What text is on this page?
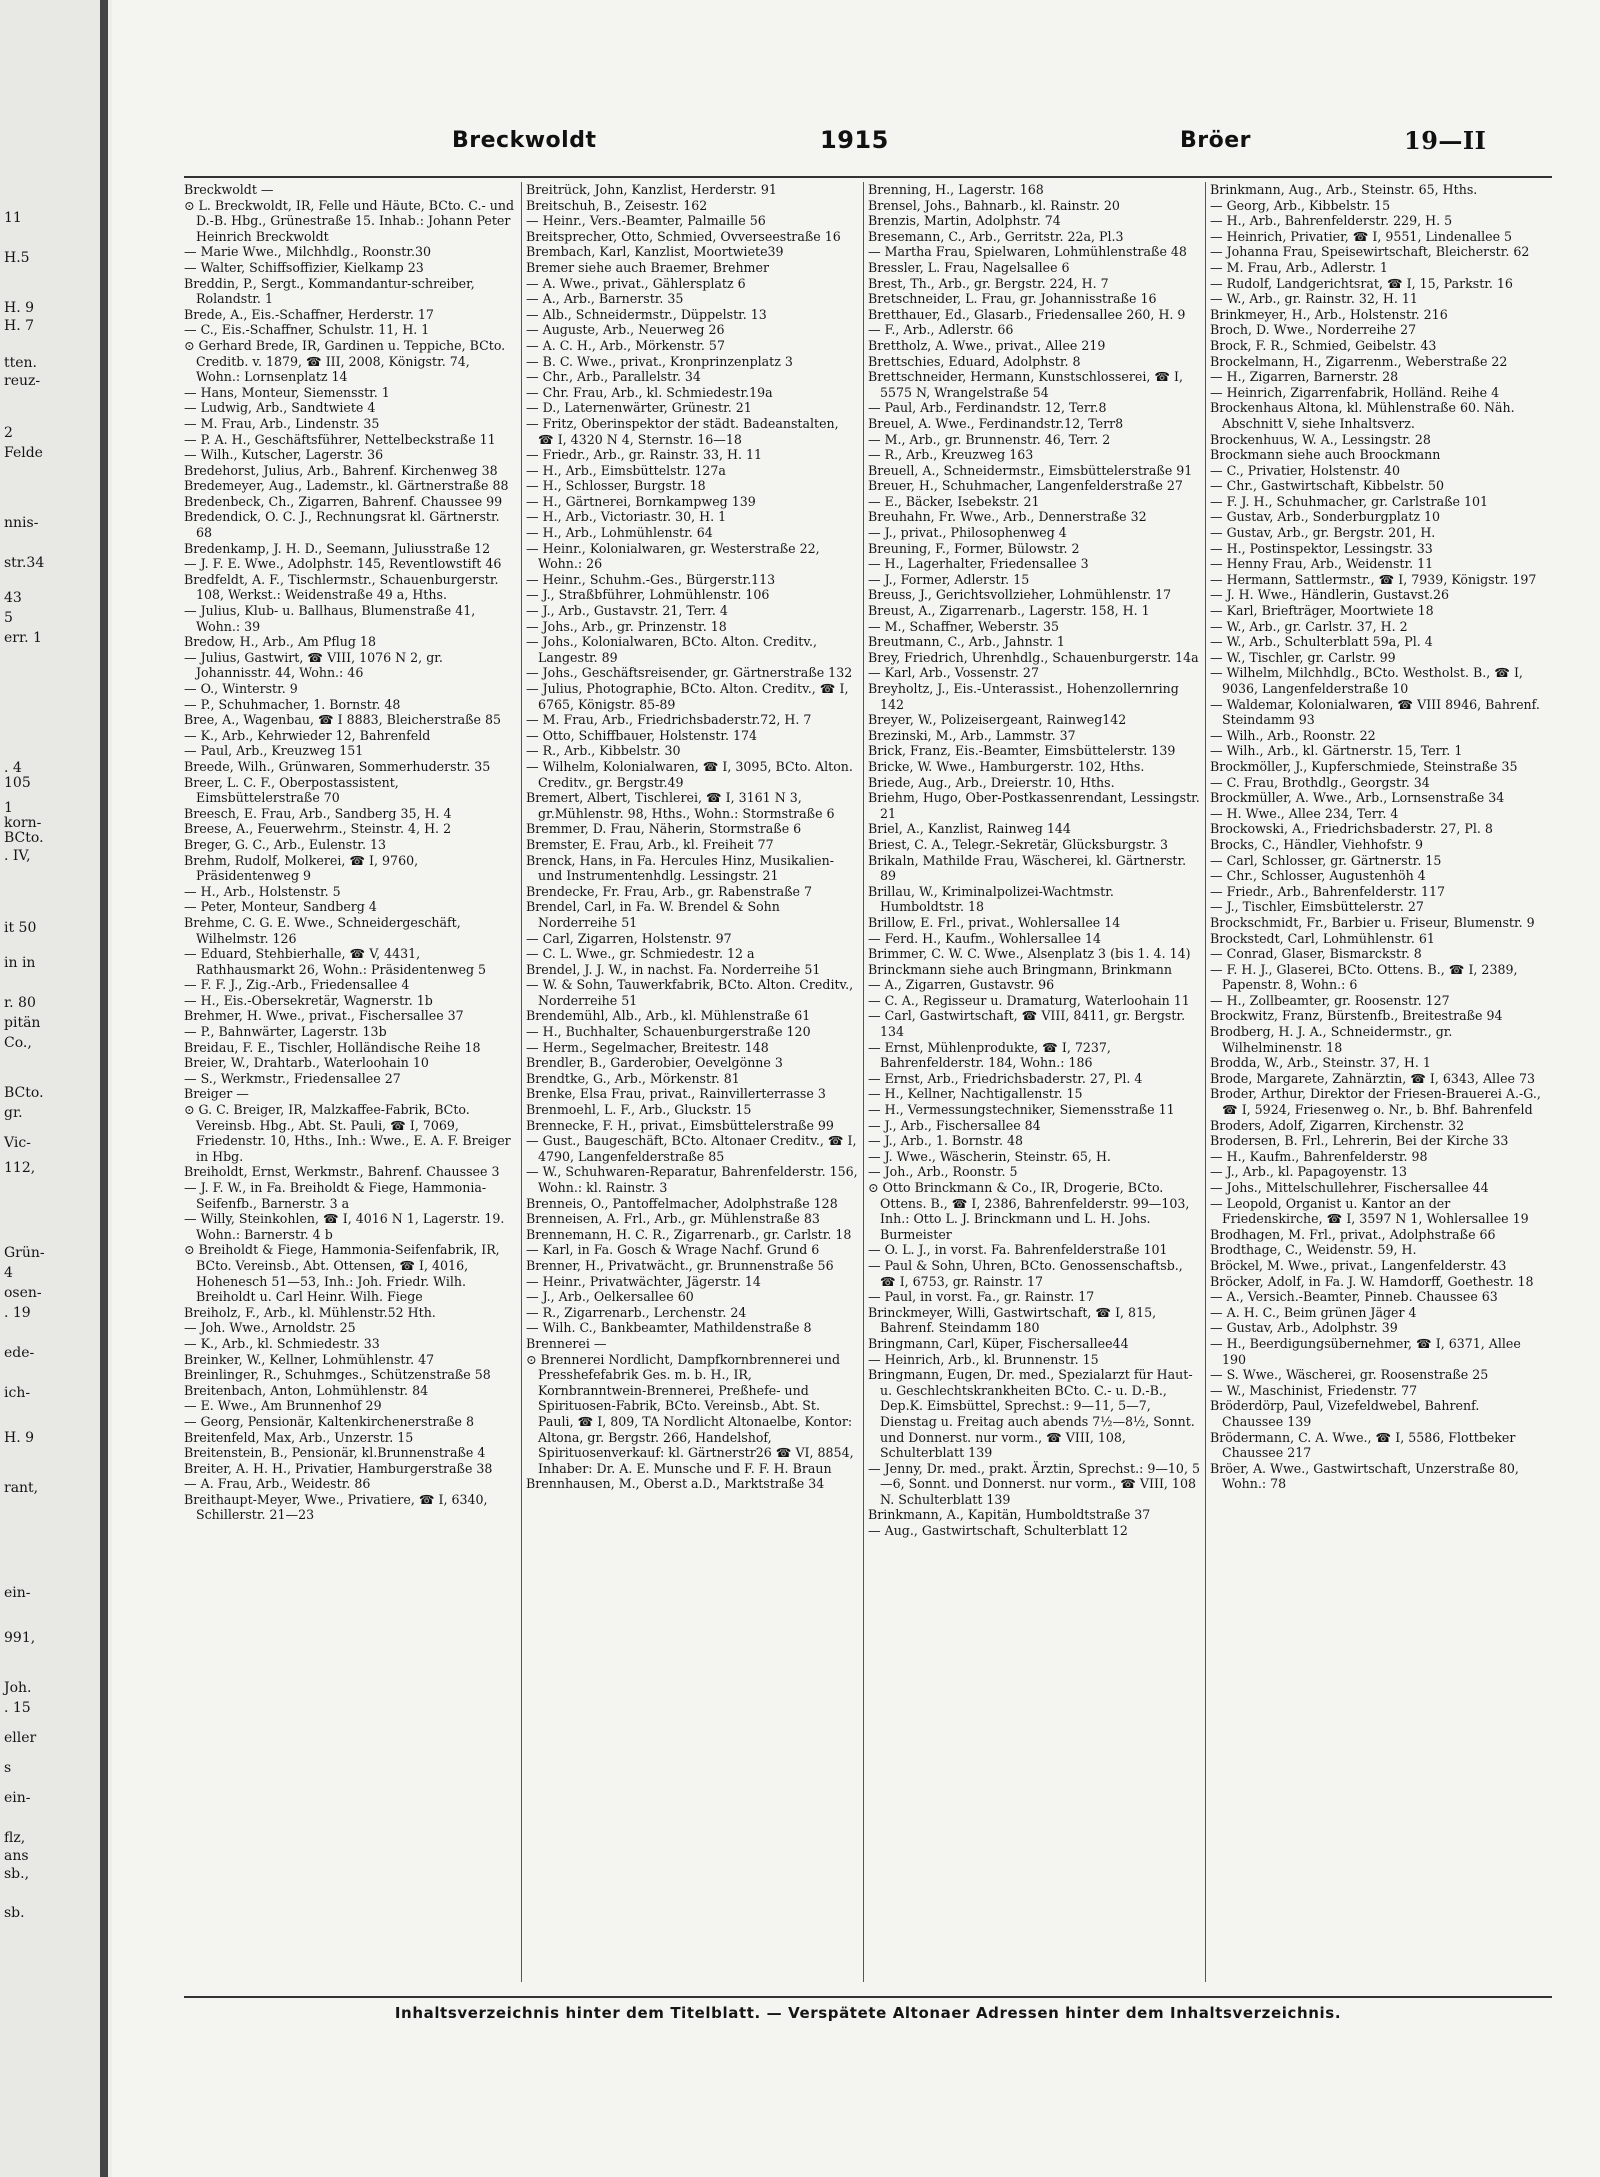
11
H.5
H. 9
H. 7
tten.
reuz-
2
Felde
nnis-
str.34
43
5
err. 1
. 4
105
1
korn-
BCto.
. IV,
it 50
in in
r. 80
pitän
Co.,
BCto.
gr.
Vic-
112,
Grün-
4
osen-
. 19
ede-
ich-
H. 9
rant,
ein-
991,
Joh.
. 15
eller
s
ein-
flz,
ans
sb.,
sb.
Breckwoldt	1915	Bröer	19—II

Breckwoldt —

⊙ L. Breckwoldt, IR, Felle und Häute, BCto. C.- und D.-B. Hbg., Grünestraße 15. Inhab.: Johann Peter Heinrich Breckwoldt

— Marie Wwe., Milchhdlg., Roonstr.30

— Walter, Schiffsoffizier, Kielkamp 23

Breddin, P., Sergt., Kommandantur-schreiber, Rolandstr. 1

Brede, A., Eis.-Schaffner, Herderstr. 17

— C., Eis.-Schaffner, Schulstr. 11, H. 1

⊙ Gerhard Brede, IR, Gardinen u. Teppiche, BCto. Creditb. v. 1879, ☎ III, 2008, Königstr. 74, Wohn.: Lornsenplatz 14

— Hans, Monteur, Siemensstr. 1

— Ludwig, Arb., Sandtwiete 4

— M. Frau, Arb., Lindenstr. 35

— P. A. H., Geschäftsführer, Nettelbeckstraße 11

— Wilh., Kutscher, Lagerstr. 36

Bredehorst, Julius, Arb., Bahrenf. Kirchenweg 38

Bredemeyer, Aug., Lademstr., kl. Gärtnerstraße 88

Bredenbeck, Ch., Zigarren, Bahrenf. Chaussee 99

Bredendick, O. C. J., Rechnungsrat kl. Gärtnerstr. 68

Bredenkamp, J. H. D., Seemann, Juliusstraße 12

— J. F. E. Wwe., Adolphstr. 145, Reventlowstift 46

Bredfeldt, A. F., Tischlermstr., Schauenburgerstr. 108, Werkst.: Weidenstraße 49 a, Hths.

— Julius, Klub- u. Ballhaus, Blumenstraße 41, Wohn.: 39

Bredow, H., Arb., Am Pflug 18

— Julius, Gastwirt, ☎ VIII, 1076 N 2, gr. Johannisstr. 44, Wohn.: 46

— O., Winterstr. 9

— P., Schuhmacher, 1. Bornstr. 48

Bree, A., Wagenbau, ☎ I 8883, Bleicherstraße 85

— K., Arb., Kehrwieder 12, Bahrenfeld

— Paul, Arb., Kreuzweg 151

Breede, Wilh., Grünwaren, Sommerhuderstr. 35

Breer, L. C. F., Oberpostassistent, Eimsbüttelerstraße 70

Breesch, E. Frau, Arb., Sandberg 35, H. 4

Breese, A., Feuerwehrm., Steinstr. 4, H. 2

Breger, G. C., Arb., Eulenstr. 13

Brehm, Rudolf, Molkerei, ☎ I, 9760, Präsidentenweg 9

— H., Arb., Holstenstr. 5

— Peter, Monteur, Sandberg 4

Brehme, C. G. E. Wwe., Schneidergeschäft, Wilhelmstr. 126

— Eduard, Stehbierhalle, ☎ V, 4431, Rathhausmarkt 26, Wohn.: Präsidentenweg 5

— F. F. J., Zig.-Arb., Friedensallee 4

— H., Eis.-Obersekretär, Wagnerstr. 1b

Brehmer, H. Wwe., privat., Fischersallee 37

— P., Bahnwärter, Lagerstr. 13b

Breidau, F. E., Tischler, Holländische Reihe 18

Breier, W., Drahtarb., Waterloohain 10

— S., Werkmstr., Friedensallee 27

Breiger —

⊙ G. C. Breiger, IR, Malzkaffee-Fabrik, BCto. Vereinsb. Hbg., Abt. St. Pauli, ☎ I, 7069, Friedenstr. 10, Hths., Inh.: Wwe., E. A. F. Breiger in Hbg.

Breiholdt, Ernst, Werkmstr., Bahrenf. Chaussee 3

— J. F. W., in Fa. Breiholdt & Fiege, Hammonia-Seifenfb., Barnerstr. 3 a

— Willy, Steinkohlen, ☎ I, 4016 N 1, Lagerstr. 19. Wohn.: Barnerstr. 4 b

⊙ Breiholdt & Fiege, Hammonia-Seifenfabrik, IR, BCto. Vereinsb., Abt. Ottensen, ☎ I, 4016, Hohenesch 51—53, Inh.: Joh. Friedr. Wilh. Breiholdt u. Carl Heinr. Wilh. Fiege

Breiholz, F., Arb., kl. Mühlenstr.52 Hth.

— Joh. Wwe., Arnoldstr. 25

— K., Arb., kl. Schmiedestr. 33

Breinker, W., Kellner, Lohmühlenstr. 47

Breinlinger, R., Schuhmges., Schützenstraße 58

Breitenbach, Anton, Lohmühlenstr. 84

— E. Wwe., Am Brunnenhof 29

— Georg, Pensionär, Kaltenkirchenerstraße 8

Breitenfeld, Max, Arb., Unzerstr. 15

Breitenstein, B., Pensionär, kl.Brunnenstraße 4

Breiter, A. H. H., Privatier, Hamburgerstraße 38

— A. Frau, Arb., Weidestr. 86

Breithaupt-Meyer, Wwe., Privatiere, ☎ I, 6340, Schillerstr. 21—23

Breitrück, John, Kanzlist, Herderstr. 91

Breitschuh, B., Zeisestr. 162

— Heinr., Vers.-Beamter, Palmaille 56

Breitsprecher, Otto, Schmied, Ovverseestraße 16

Brembach, Karl, Kanzlist, Moortwiete39

Bremer siehe auch Braemer, Brehmer

— A. Wwe., privat., Gählersplatz 6

— A., Arb., Barnerstr. 35

— Alb., Schneidermstr., Düppelstr. 13

— Auguste, Arb., Neuerweg 26

— A. C. H., Arb., Mörkenstr. 57

— B. C. Wwe., privat., Kronprinzenplatz 3

— Chr., Arb., Parallelstr. 34

— Chr. Frau, Arb., kl. Schmiedestr.19a

— D., Laternenwärter, Grünestr. 21

— Fritz, Oberinspektor der städt. Badeanstalten, ☎ I, 4320 N 4, Sternstr. 16—18

— Friedr., Arb., gr. Rainstr. 33, H. 11

— H., Arb., Eimsbüttelstr. 127a

— H., Schlosser, Burgstr. 18

— H., Gärtnerei, Bornkampweg 139

— H., Arb., Victoriastr. 30, H. 1

— H., Arb., Lohmühlenstr. 64

— Heinr., Kolonialwaren, gr. Westerstraße 22, Wohn.: 26

— Heinr., Schuhm.-Ges., Bürgerstr.113

— J., Straßbführer, Lohmühlenstr. 106

— J., Arb., Gustavstr. 21, Terr. 4

— Johs., Arb., gr. Prinzenstr. 18

— Johs., Kolonialwaren, BCto. Alton. Creditv., Langestr. 89

— Johs., Geschäftsreisender, gr. Gärtnerstraße 132

— Julius, Photographie, BCto. Alton. Creditv., ☎ I, 6765, Königstr. 85-89

— M. Frau, Arb., Friedrichsbaderstr.72, H. 7

— Otto, Schiffbauer, Holstenstr. 174

— R., Arb., Kibbelstr. 30

— Wilhelm, Kolonialwaren, ☎ I, 3095, BCto. Alton. Creditv., gr. Bergstr.49

Bremert, Albert, Tischlerei, ☎ I, 3161 N 3, gr.Mühlenstr. 98, Hths., Wohn.: Stormstraße 6

Bremmer, D. Frau, Näherin, Stormstraße 6

Bremster, E. Frau, Arb., kl. Freiheit 77

Brenck, Hans, in Fa. Hercules Hinz, Musikalien- und Instrumentenhdlg. Lessingstr. 21

Brendecke, Fr. Frau, Arb., gr. Rabenstraße 7

Brendel, Carl, in Fa. W. Brendel & Sohn Norderreihe 51

— Carl, Zigarren, Holstenstr. 97

— C. L. Wwe., gr. Schmiedestr. 12 a

Brendel, J. J. W., in nachst. Fa. Norderreihe 51

— W. & Sohn, Tauwerkfabrik, BCto. Alton. Creditv., Norderreihe 51

Brendemühl, Alb., Arb., kl. Mühlenstraße 61

— H., Buchhalter, Schauenburgerstraße 120

— Herm., Segelmacher, Breitestr. 148

Brendler, B., Garderobier, Oevelgönne 3

Brendtke, G., Arb., Mörkenstr. 81

Brenke, Elsa Frau, privat., Rainvillerterrasse 3

Brenmoehl, L. F., Arb., Gluckstr. 15

Brennecke, F. H., privat., Eimsbüttelerstraße 99

— Gust., Baugeschäft, BCto. Altonaer Creditv., ☎ I, 4790, Langenfelderstraße 85

— W., Schuhwaren-Reparatur, Bahrenfelderstr. 156, Wohn.: kl. Rainstr. 3

Brenneis, O., Pantoffelmacher, Adolphstraße 128

Brenneisen, A. Frl., Arb., gr. Mühlenstraße 83

Brennemann, H. C. R., Zigarrenarb., gr. Carlstr. 18

— Karl, in Fa. Gosch & Wrage Nachf. Grund 6

Brenner, H., Privatwächt., gr. Brunnenstraße 56

— Heinr., Privatwächter, Jägerstr. 14

— J., Arb., Oelkersallee 60

— R., Zigarrenarb., Lerchenstr. 24

— Wilh. C., Bankbeamter, Mathildenstraße 8

Brennerei —

⊙ Brennerei Nordlicht, Dampfkornbrennerei und Presshefefabrik Ges. m. b. H., IR, Kornbranntwein-Brennerei, Preßhefe- und Spirituosen-Fabrik, BCto. Vereinsb., Abt. St. Pauli, ☎ I, 809, TA Nordlicht Altonaelbe, Kontor: Altona, gr. Bergstr. 266, Handelshof, Spirituosenverkauf: kl. Gärtnerstr26 ☎ VI, 8854, Inhaber: Dr. A. E. Munsche und F. F. H. Braun

Brennhausen, M., Oberst a.D., Marktstraße 34

Brenning, H., Lagerstr. 168

Brensel, Johs., Bahnarb., kl. Rainstr. 20

Brenzis, Martin, Adolphstr. 74

Bresemann, C., Arb., Gerritstr. 22a, Pl.3

— Martha Frau, Spielwaren, Lohmühlenstraße 48

Bressler, L. Frau, Nagelsallee 6

Brest, Th., Arb., gr. Bergstr. 224, H. 7

Bretschneider, L. Frau, gr. Johannisstraße 16

Bretthauer, Ed., Glasarb., Friedensallee 260, H. 9

— F., Arb., Adlerstr. 66

Brettholz, A. Wwe., privat., Allee 219

Brettschies, Eduard, Adolphstr. 8

Brettschneider, Hermann, Kunstschlosserei, ☎ I, 5575 N, Wrangelstraße 54

— Paul, Arb., Ferdinandstr. 12, Terr.8

Breuel, A. Wwe., Ferdinandstr.12, Terr8

— M., Arb., gr. Brunnenstr. 46, Terr. 2

— R., Arb., Kreuzweg 163

Breuell, A., Schneidermstr., Eimsbüttelerstraße 91

Breuer, H., Schuhmacher, Langenfelderstraße 27

— E., Bäcker, Isebekstr. 21

Breuhahn, Fr. Wwe., Arb., Dennerstraße 32

— J., privat., Philosophenweg 4

Breuning, F., Former, Bülowstr. 2

— H., Lagerhalter, Friedensallee 3

— J., Former, Adlerstr. 15

Breuss, J., Gerichtsvollzieher, Lohmühlenstr. 17

Breust, A., Zigarrenarb., Lagerstr. 158, H. 1

— M., Schaffner, Weberstr. 35

Breutmann, C., Arb., Jahnstr. 1

Brey, Friedrich, Uhrenhdlg., Schauenburgerstr. 14a

— Karl, Arb., Vossenstr. 27

Breyholtz, J., Eis.-Unterassist., Hohenzollernring 142

Breyer, W., Polizeisergeant, Rainweg142

Brezinski, M., Arb., Lammstr. 37

Brick, Franz, Eis.-Beamter, Eimsbüttelerstr. 139

Bricke, W. Wwe., Hamburgerstr. 102, Hths.

Briede, Aug., Arb., Dreierstr. 10, Hths.

Briehm, Hugo, Ober-Postkassenrendant, Lessingstr. 21

Briel, A., Kanzlist, Rainweg 144

Briest, C. A., Telegr.-Sekretär, Glücksburgstr. 3

Brikaln, Mathilde Frau, Wäscherei, kl. Gärtnerstr. 89

Brillau, W., Kriminalpolizei-Wachtmstr. Humboldtstr. 18

Brillow, E. Frl., privat., Wohlersallee 14

— Ferd. H., Kaufm., Wohlersallee 14

Brimmer, C. W. C. Wwe., Alsenplatz 3 (bis 1. 4. 14)

Brinckmann siehe auch Bringmann, Brinkmann

— A., Zigarren, Gustavstr. 96

— C. A., Regisseur u. Dramaturg, Waterloohain 11

— Carl, Gastwirtschaft, ☎ VIII, 8411, gr. Bergstr. 134

— Ernst, Mühlenprodukte, ☎ I, 7237, Bahrenfelderstr. 184, Wohn.: 186

— Ernst, Arb., Friedrichsbaderstr. 27, Pl. 4

— H., Kellner, Nachtigallenstr. 15

— H., Vermessungstechniker, Siemensstraße 11

— J., Arb., Fischersallee 84

— J., Arb., 1. Bornstr. 48

— J. Wwe., Wäscherin, Steinstr. 65, H.

— Joh., Arb., Roonstr. 5

⊙ Otto Brinckmann & Co., IR, Drogerie, BCto. Ottens. B., ☎ I, 2386, Bahrenfelderstr. 99—103, Inh.: Otto L. J. Brinckmann und L. H. Johs. Burmeister

— O. L. J., in vorst. Fa. Bahrenfelderstraße 101

— Paul & Sohn, Uhren, BCto. Genossenschaftsb., ☎ I, 6753, gr. Rainstr. 17

— Paul, in vorst. Fa., gr. Rainstr. 17

Brinckmeyer, Willi, Gastwirtschaft, ☎ I, 815, Bahrenf. Steindamm 180

Bringmann, Carl, Küper, Fischersallee44

— Heinrich, Arb., kl. Brunnenstr. 15

Bringmann, Eugen, Dr. med., Spezialarzt für Haut- u. Geschlechtskrankheiten BCto. C.- u. D.-B., Dep.K. Eimsbüttel, Sprechst.: 9—11, 5—7, Dienstag u. Freitag auch abends 7½—8½, Sonnt. und Donnerst. nur vorm., ☎ VIII, 108, Schulterblatt 139

— Jenny, Dr. med., prakt. Ärztin, Sprechst.: 9—10, 5—6, Sonnt. und Donnerst. nur vorm., ☎ VIII, 108 N. Schulterblatt 139

Brinkmann, A., Kapitän, Humboldtstraße 37

— Aug., Gastwirtschaft, Schulterblatt 12

Brinkmann, Aug., Arb., Steinstr. 65, Hths.

— Georg, Arb., Kibbelstr. 15

— H., Arb., Bahrenfelderstr. 229, H. 5

— Heinrich, Privatier, ☎ I, 9551, Lindenallee 5

— Johanna Frau, Speisewirtschaft, Bleicherstr. 62

— M. Frau, Arb., Adlerstr. 1

— Rudolf, Landgerichtsrat, ☎ I, 15, Parkstr. 16

— W., Arb., gr. Rainstr. 32, H. 11

Brinkmeyer, H., Arb., Holstenstr. 216

Broch, D. Wwe., Norderreihe 27

Brock, F. R., Schmied, Geibelstr. 43

Brockelmann, H., Zigarrenm., Weberstraße 22

— H., Zigarren, Barnerstr. 28

— Heinrich, Zigarrenfabrik, Holländ. Reihe 4

Brockenhaus Altona, kl. Mühlenstraße 60. Näh. Abschnitt V, siehe Inhaltsverz.

Brockenhuus, W. A., Lessingstr. 28

Brockmann siehe auch Broockmann

— C., Privatier, Holstenstr. 40

— Chr., Gastwirtschaft, Kibbelstr. 50

— F. J. H., Schuhmacher, gr. Carlstraße 101

— Gustav, Arb., Sonderburgplatz 10

— Gustav, Arb., gr. Bergstr. 201, H.

— H., Postinspektor, Lessingstr. 33

— Henny Frau, Arb., Weidenstr. 11

— Hermann, Sattlermstr., ☎ I, 7939, Königstr. 197

— J. H. Wwe., Händlerin, Gustavst.26

— Karl, Briefträger, Moortwiete 18

— W., Arb., gr. Carlstr. 37, H. 2

— W., Arb., Schulterblatt 59a, Pl. 4

— W., Tischler, gr. Carlstr. 99

— Wilhelm, Milchhdlg., BCto. Westholst. B., ☎ I, 9036, Langenfelderstraße 10

— Waldemar, Kolonialwaren, ☎ VIII 8946, Bahrenf. Steindamm 93

— Wilh., Arb., Roonstr. 22

— Wilh., Arb., kl. Gärtnerstr. 15, Terr. 1

Brockmöller, J., Kupferschmiede, Steinstraße 35

— C. Frau, Brothdlg., Georgstr. 34

Brockmüller, A. Wwe., Arb., Lornsenstraße 34

— H. Wwe., Allee 234, Terr. 4

Brockowski, A., Friedrichsbaderstr. 27, Pl. 8

Brocks, C., Händler, Viehhofstr. 9

— Carl, Schlosser, gr. Gärtnerstr. 15

— Chr., Schlosser, Augustenhöh 4

— Friedr., Arb., Bahrenfelderstr. 117

— J., Tischler, Eimsbüttelerstr. 27

Brockschmidt, Fr., Barbier u. Friseur, Blumenstr. 9

Brockstedt, Carl, Lohmühlenstr. 61

— Conrad, Glaser, Bismarckstr. 8

— F. H. J., Glaserei, BCto. Ottens. B., ☎ I, 2389, Papenstr. 8, Wohn.: 6

— H., Zollbeamter, gr. Roosenstr. 127

Brockwitz, Franz, Bürstenfb., Breitestraße 94

Brodberg, H. J. A., Schneidermstr., gr. Wilhelminenstr. 18

Brodda, W., Arb., Steinstr. 37, H. 1

Brode, Margarete, Zahnärztin, ☎ I, 6343, Allee 73

Broder, Arthur, Direktor der Friesen-Brauerei A.-G., ☎ I, 5924, Friesenweg o. Nr., b. Bhf. Bahrenfeld

Broders, Adolf, Zigarren, Kirchenstr. 32

Brodersen, B. Frl., Lehrerin, Bei der Kirche 33

— H., Kaufm., Bahrenfelderstr. 98

— J., Arb., kl. Papagoyenstr. 13

— Johs., Mittelschullehrer, Fischersallee 44

— Leopold, Organist u. Kantor an der Friedenskirche, ☎ I, 3597 N 1, Wohlersallee 19

Brodhagen, M. Frl., privat., Adolphstraße 66

Brodthage, C., Weidenstr. 59, H.

Bröckel, M. Wwe., privat., Langenfelderstr. 43

Bröcker, Adolf, in Fa. J. W. Hamdorff, Goethestr. 18

— A., Versich.-Beamter, Pinneb. Chaussee 63

— A. H. C., Beim grünen Jäger 4

— Gustav, Arb., Adolphstr. 39

— H., Beerdigungsübernehmer, ☎ I, 6371, Allee 190

— S. Wwe., Wäscherei, gr. Roosenstraße 25

— W., Maschinist, Friedenstr. 77

Bröderdörp, Paul, Vizefeldwebel, Bahrenf. Chaussee 139

Brödermann, C. A. Wwe., ☎ I, 5586, Flottbeker Chaussee 217

Bröer, A. Wwe., Gastwirtschaft, Unzerstraße 80, Wohn.: 78

Inhaltsverzeichnis hinter dem Titelblatt. — Verspätete Altonaer Adressen hinter dem Inhaltsverzeichnis.
